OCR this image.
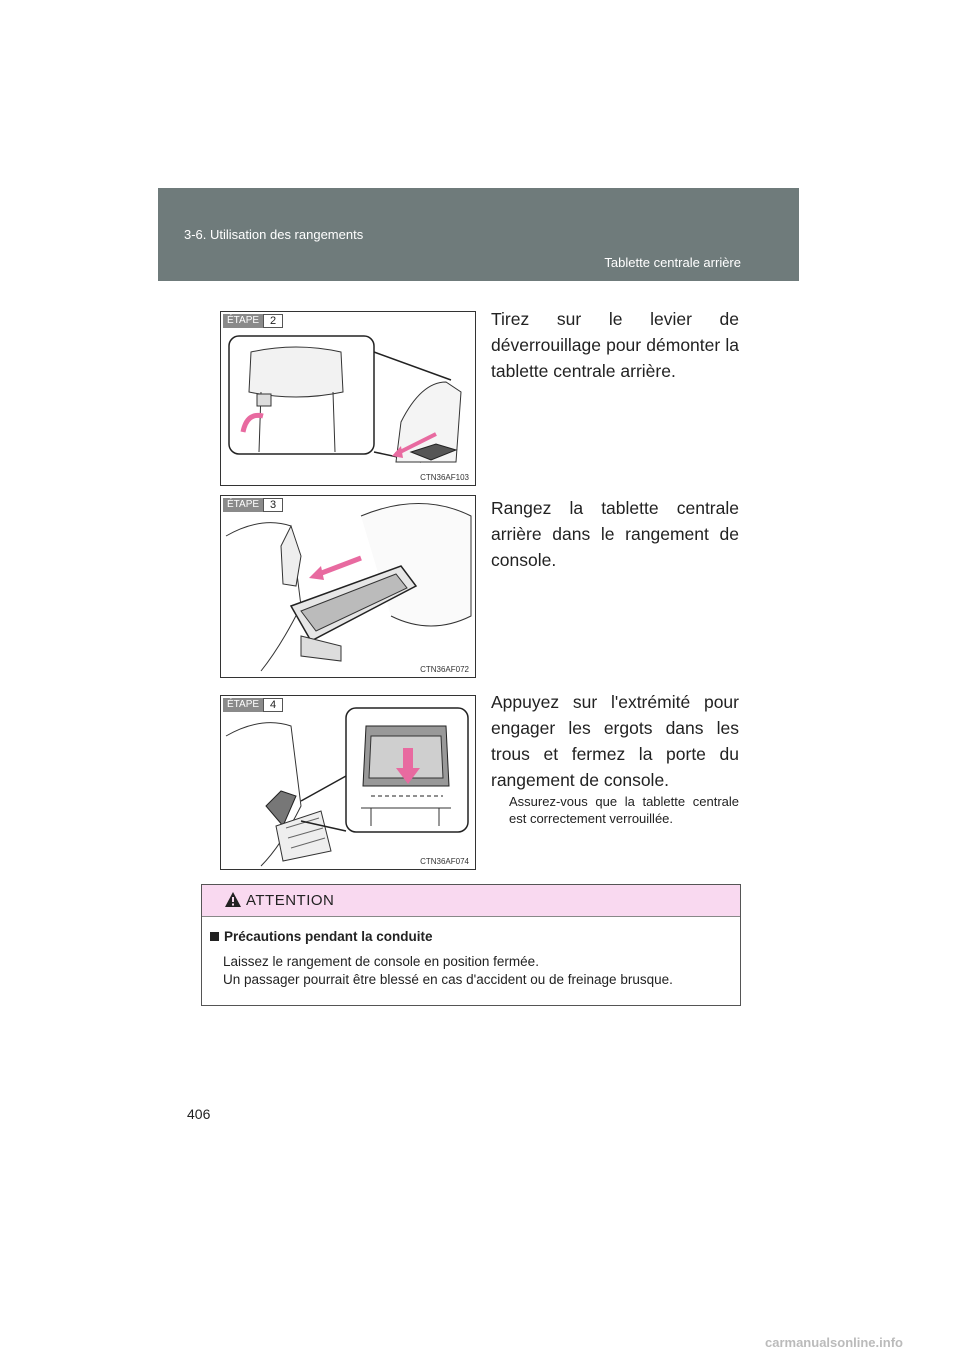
3-6. Utilisation des rangements
Tablette centrale arrière
ÉTAPE	2
CTN36AF103
Tirez sur le levier de déverrouillage pour démonter la tablette centrale arrière.
ÉTAPE	3
CTN36AF072
Rangez la tablette centrale arrière dans le rangement de console.
ÉTAPE	4
CTN36AF074
Appuyez sur l'extrémité pour engager les ergots dans les trous et fermez la porte du rangement de console.
Assurez-vous que la tablette centrale est correctement verrouillée.
ATTENTION
Précautions pendant la conduite
Laissez le rangement de console en position fermée.
Un passager pourrait être blessé en cas d'accident ou de freinage brusque.
406
carmanualsonline.info
